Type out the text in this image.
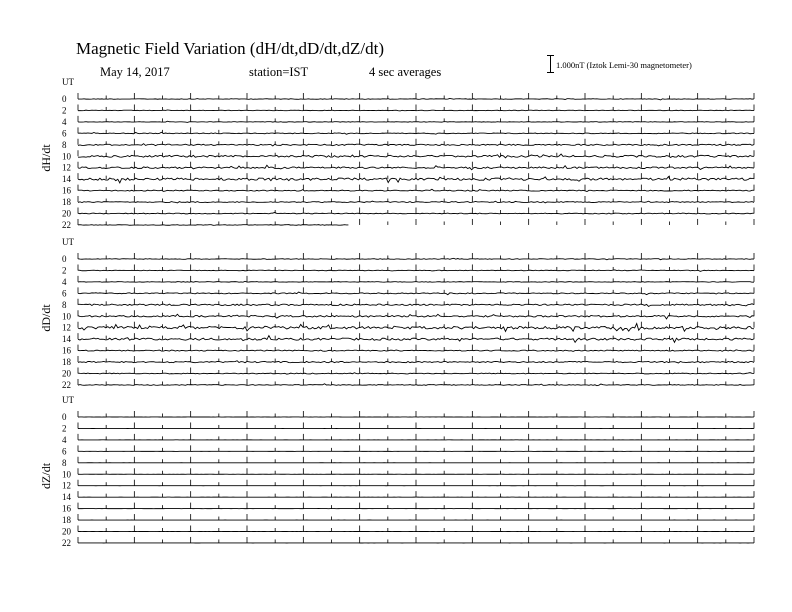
UT
dH/dt
0
2
4
6
8
10
12
14
16
18
20
22
UT
dD/dt
0
2
4
6
8
10
12
14
16
18
20
22
UT
dZ/dt
0
2
4
6
8
10
12
14
16
18
20
22
Magnetic Field Variation (dH/dt,dD/dt,dZ/dt)
May 14, 2017	station=IST	4 sec averages	1.000nT (Iztok Lemi-30 magnetometer)
